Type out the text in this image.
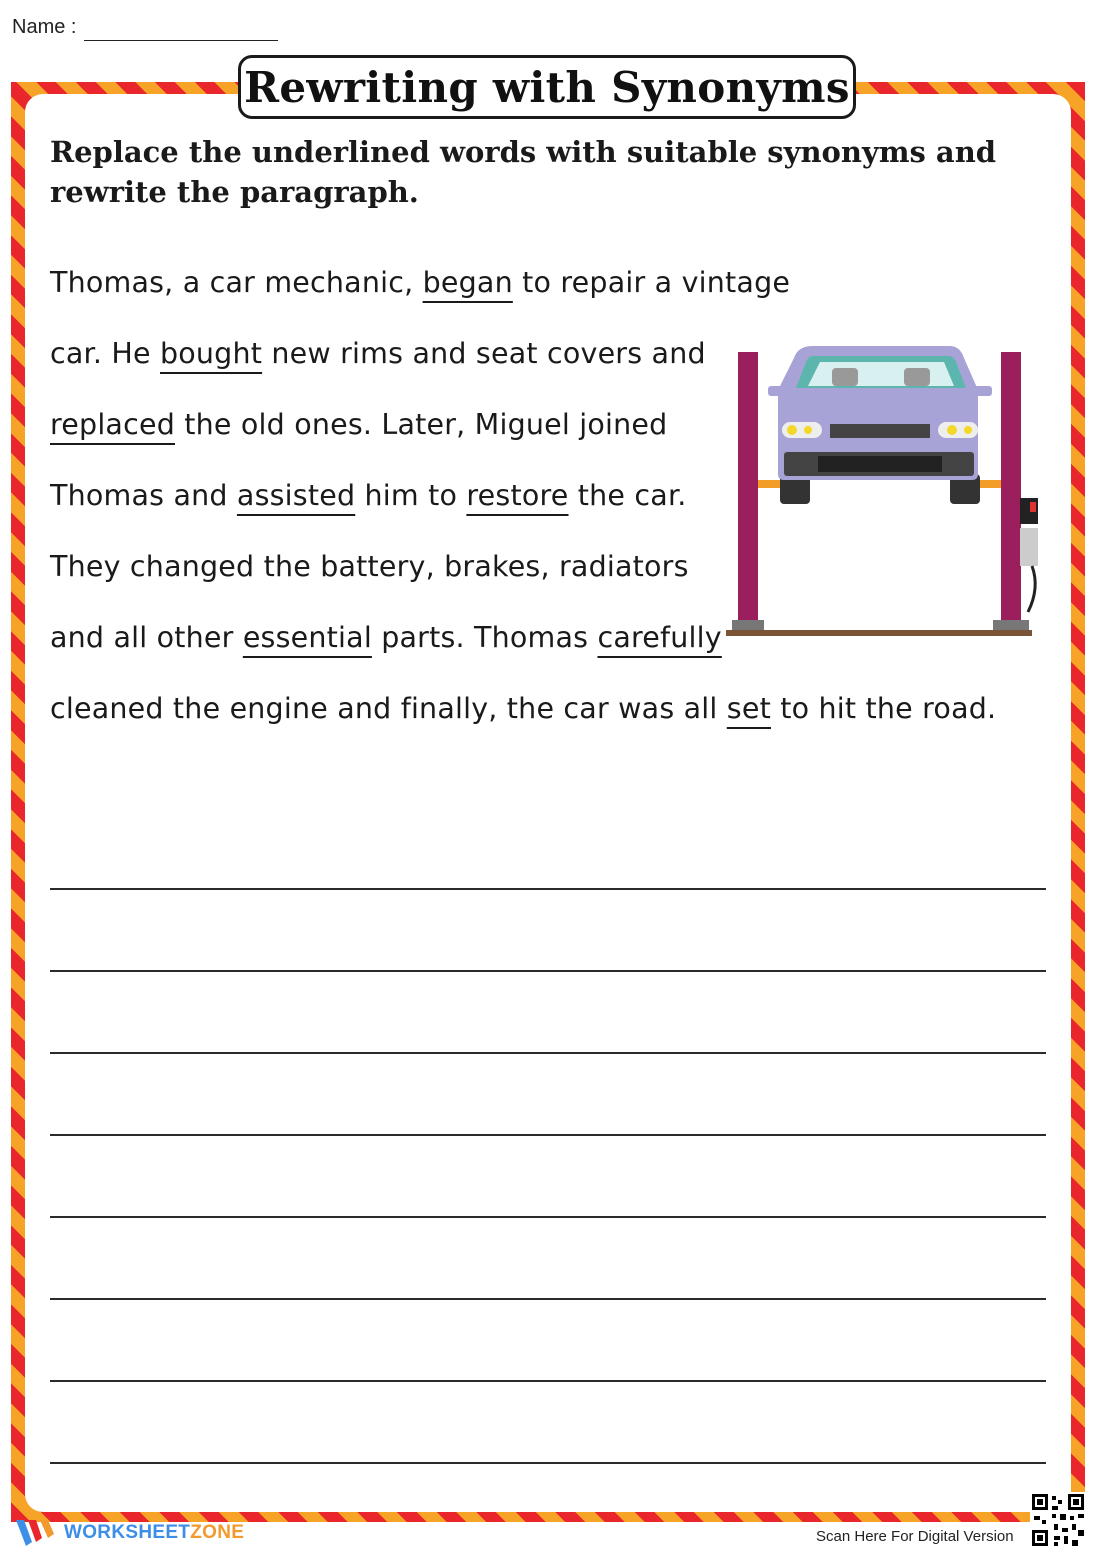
Name :
Rewriting with Synonyms
Replace the underlined words with suitable synonyms and rewrite the paragraph.
Thomas, a car mechanic, began to repair a vintage
car. He bought new rims and seat covers and
replaced the old ones. Later, Miguel joined
Thomas and assisted him to restore the car.
They changed the battery, brakes, radiators
and all other essential parts. Thomas carefully
cleaned the engine and finally, the car was all set to hit the road.
WORKSHEETZONE	Scan Here For Digital Version
